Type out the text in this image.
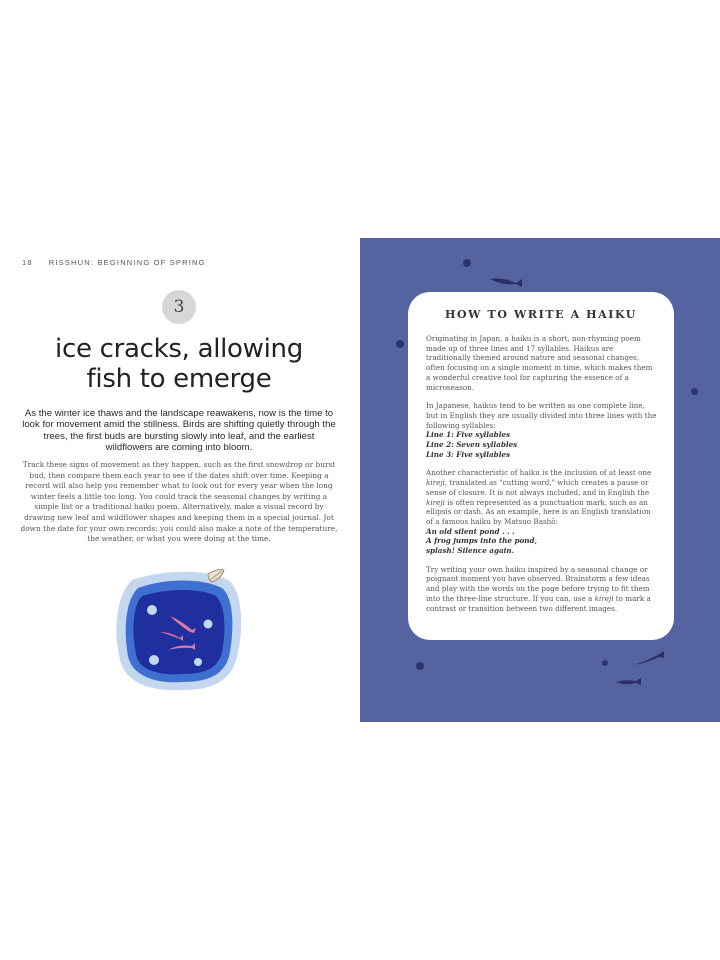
18 RISSHUN: BEGINNING OF SPRING
3
ice cracks, allowing
fish to emerge

As the winter ice thaws and the landscape reawakens, now is the time to look for movement amid the stillness. Birds are shifting quietly through the trees, the first buds are bursting slowly into leaf, and the earliest wildflowers are coming into bloom.

Track these signs of movement as they happen, such as the first snowdrop or burst bud, then compare them each year to see if the dates shift over time. Keeping a record will also help you remember what to look out for every year when the long winter feels a little too long. You could track the seasonal changes by writing a simple list or a traditional haiku poem. Alternatively, make a visual record by drawing new leaf and wildflower shapes and keeping them in a special journal. Jot down the date for your own records: you could also make a note of the temperature, the weather, or what you were doing at the time.

HOW TO WRITE A HAIKU

Originating in Japan, a haiku is a short, non-rhyming poem made up of three lines and 17 syllables. Haikus are traditionally themed around nature and seasonal changes, often focusing on a single moment in time, which makes them a wonderful creative tool for capturing the essence of a microseason.

In Japanese, haikus tend to be written as one complete line, but in English they are usually divided into three lines with the following syllables:
Line 1: Five syllables
Line 2: Seven syllables
Line 3: Five syllables

Another characteristic of haiku is the inclusion of at least one kireji, translated as "cutting word," which creates a pause or sense of closure. It is not always included, and in English the kireji is often represented as a punctuation mark, such as an ellipsis or dash. As an example, here is an English translation of a famous haiku by Matsuo Bashō:
An old silent pond . . .
A frog jumps into the pond,
splash! Silence again.

Try writing your own haiku inspired by a seasonal change or poignant moment you have observed. Brainstorm a few ideas and play with the words on the page before trying to fit them into the three-line structure. If you can, use a kireji to mark a contrast or transition between two different images.
